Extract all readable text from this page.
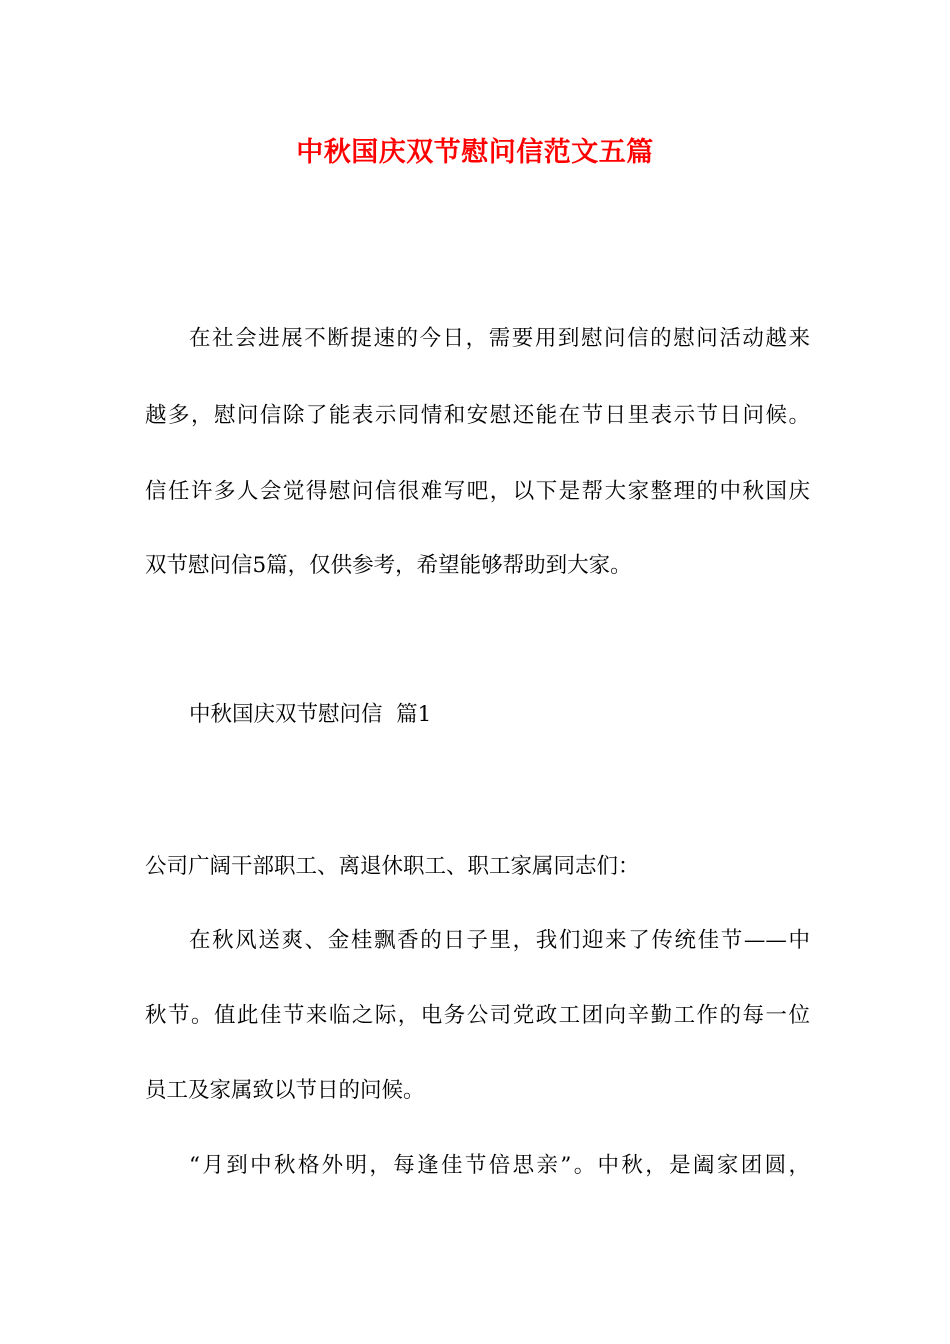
中秋国庆双节慰问信范文五篇
在社会进展不断提速的今日，需要用到慰问信的慰问活动越来
越多，慰问信除了能表示同情和安慰还能在节日里表示节日问候。
信任许多人会觉得慰问信很难写吧，以下是帮大家整理的中秋国庆
双节慰问信5篇，仅供参考，希望能够帮助到大家。
中秋国庆双节慰问信  篇1
公司广阔干部职工、离退休职工、职工家属同志们：
在秋风送爽、金桂飘香的日子里，我们迎来了传统佳节——中
秋节。值此佳节来临之际，电务公司党政工团向辛勤工作的每一位
员工及家属致以节日的问候。
“月到中秋格外明，每逢佳节倍思亲”。中秋，是阖家团圆，
